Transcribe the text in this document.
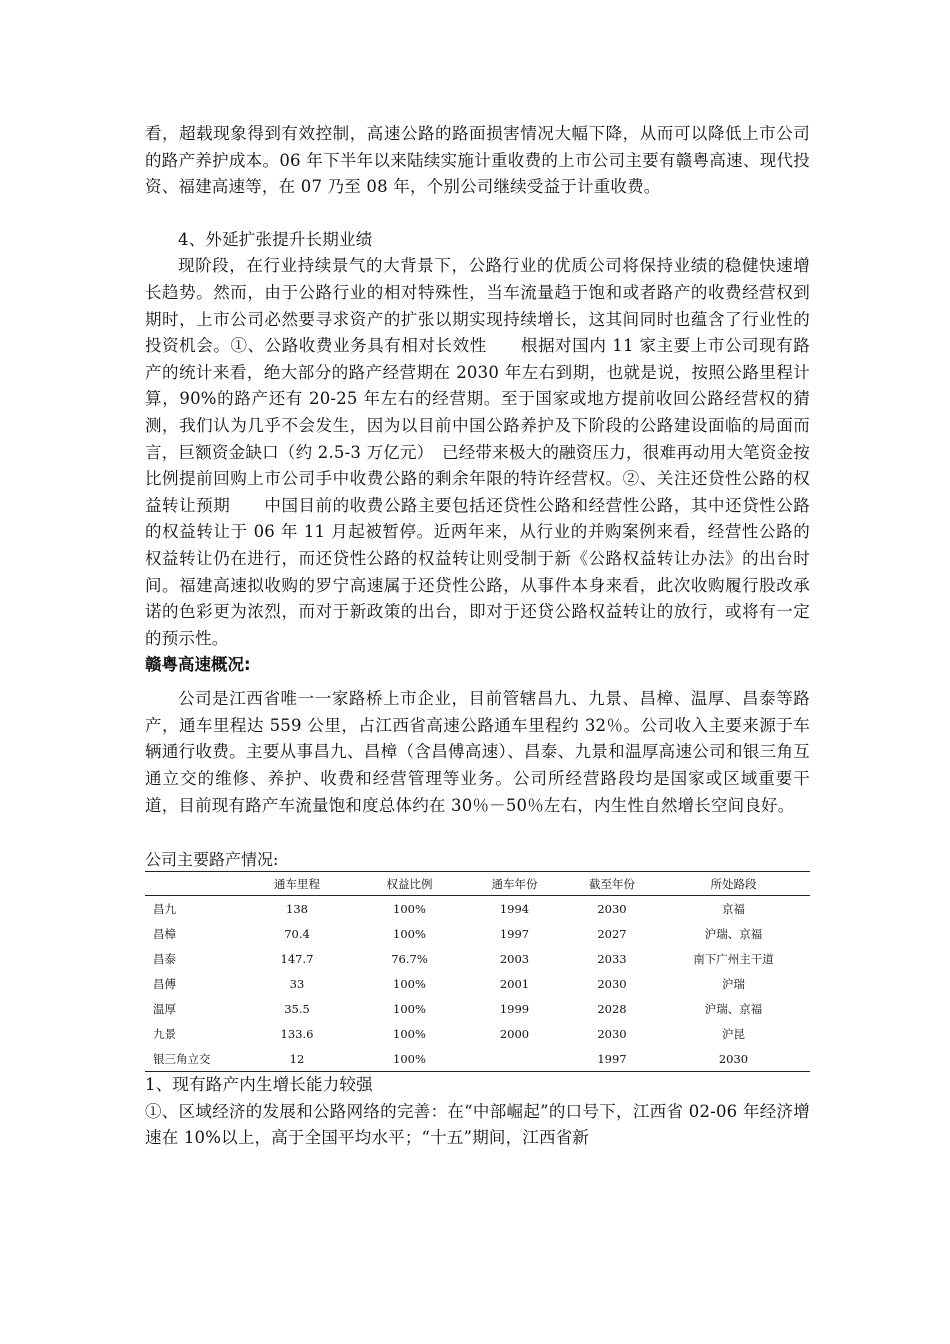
看，超载现象得到有效控制，高速公路的路面损害情况大幅下降，从而可以降低上市公司的路产养护成本。06 年下半年以来陆续实施计重收费的上市公司主要有赣粤高速、现代投资、福建高速等，在 07 乃至 08 年，个别公司继续受益于计重收费。

4、外延扩张提升长期业绩

现阶段，在行业持续景气的大背景下，公路行业的优质公司将保持业绩的稳健快速增长趋势。然而，由于公路行业的相对特殊性，当车流量趋于饱和或者路产的收费经营权到期时，上市公司必然要寻求资产的扩张以期实现持续增长，这其间同时也蕴含了行业性的投资机会。①、公路收费业务具有相对长效性　　根据对国内 11 家主要上市公司现有路产的统计来看，绝大部分的路产经营期在 2030 年左右到期，也就是说，按照公路里程计算，90%的路产还有 20-25 年左右的经营期。至于国家或地方提前收回公路经营权的猜测，我们认为几乎不会发生，因为以目前中国公路养护及下阶段的公路建设面临的局面而言，巨额资金缺口（约 2.5-3 万亿元）　已经带来极大的融资压力，很难再动用大笔资金按比例提前回购上市公司手中收费公路的剩余年限的特许经营权。②、关注还贷性公路的权益转让预期　　中国目前的收费公路主要包括还贷性公路和经营性公路，其中还贷性公路的权益转让于 06 年 11 月起被暂停。近两年来，从行业的并购案例来看，经营性公路的权益转让仍在进行，而还贷性公路的权益转让则受制于新《公路权益转让办法》的出台时间。福建高速拟收购的罗宁高速属于还贷性公路，从事件本身来看，此次收购履行股改承诺的色彩更为浓烈，而对于新政策的出台，即对于还贷公路权益转让的放行，或将有一定的预示性。

赣粤高速概况:

公司是江西省唯一一家路桥上市企业，目前管辖昌九、九景、昌樟、温厚、昌泰等路产，通车里程达 559 公里，占江西省高速公路通车里程约 32％。公司收入主要来源于车辆通行收费。主要从事昌九、昌樟（含昌傅高速）、昌泰、九景和温厚高速公司和银三角互通立交的维修、养护、收费和经营管理等业务。公司所经营路段均是国家或区域重要干道，目前现有路产车流量饱和度总体约在 30％－50％左右，内生性自然增长空间良好。

公司主要路产情况:
	通车里程	权益比例	通车年份	截至年份	所处路段
昌九	138	100%	1994	2030	京福
昌樟	70.4	100%	1997	2027	沪瑞、京福
昌泰	147.7	76.7%	2003	2033	南下广州主干道
昌傅	33	100%	2001	2030	沪瑞
温厚	35.5	100%	1999	2028	沪瑞、京福
九景	133.6	100%	2000	2030	沪昆
银三角立交	12	100%		1997	2030

1、现有路产内生增长能力较强

①、区域经济的发展和公路网络的完善：在“中部崛起”的口号下，江西省 02-06 年经济增速在 10%以上，高于全国平均水平；“十五”期间，江西省新
